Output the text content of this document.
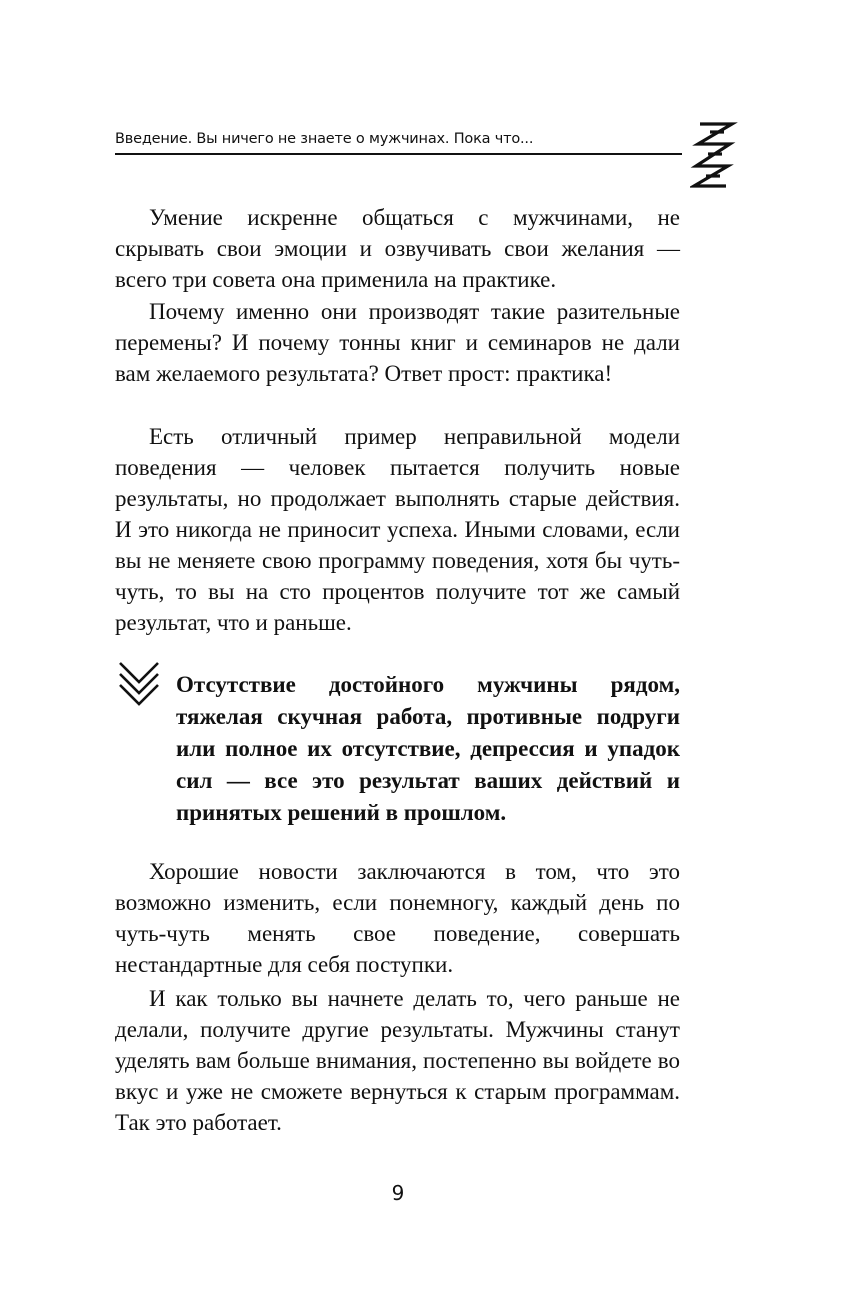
Введение. Вы ничего не знаете о мужчинах. Пока что...

Умение искренне общаться с мужчинами, не скрывать свои эмоции и озвучивать свои желания — всего три совета она применила на практике.

Почему именно они производят такие разительные перемены? И почему тонны книг и семинаров не дали вам желаемого результата? Ответ прост: практика!

Есть отличный пример неправильной модели поведения — человек пытается получить новые результаты, но продолжает выполнять старые действия. И это никогда не приносит успеха. Иными словами, если вы не меняете свою программу поведения, хотя бы чуть-чуть, то вы на сто процентов получите тот же самый результат, что и раньше.

Отсутствие достойного мужчины рядом, тяжелая скучная работа, противные подруги или полное их отсутствие, депрессия и упадок сил — все это результат ваших действий и принятых решений в прошлом.

Хорошие новости заключаются в том, что это возможно изменить, если понемногу, каждый день по чуть-чуть менять свое поведение, совершать нестандартные для себя поступки.

И как только вы начнете делать то, чего раньше не делали, получите другие результаты. Мужчины станут уделять вам больше внимания, постепенно вы войдете во вкус и уже не сможете вернуться к старым программам. Так это работает.

9
